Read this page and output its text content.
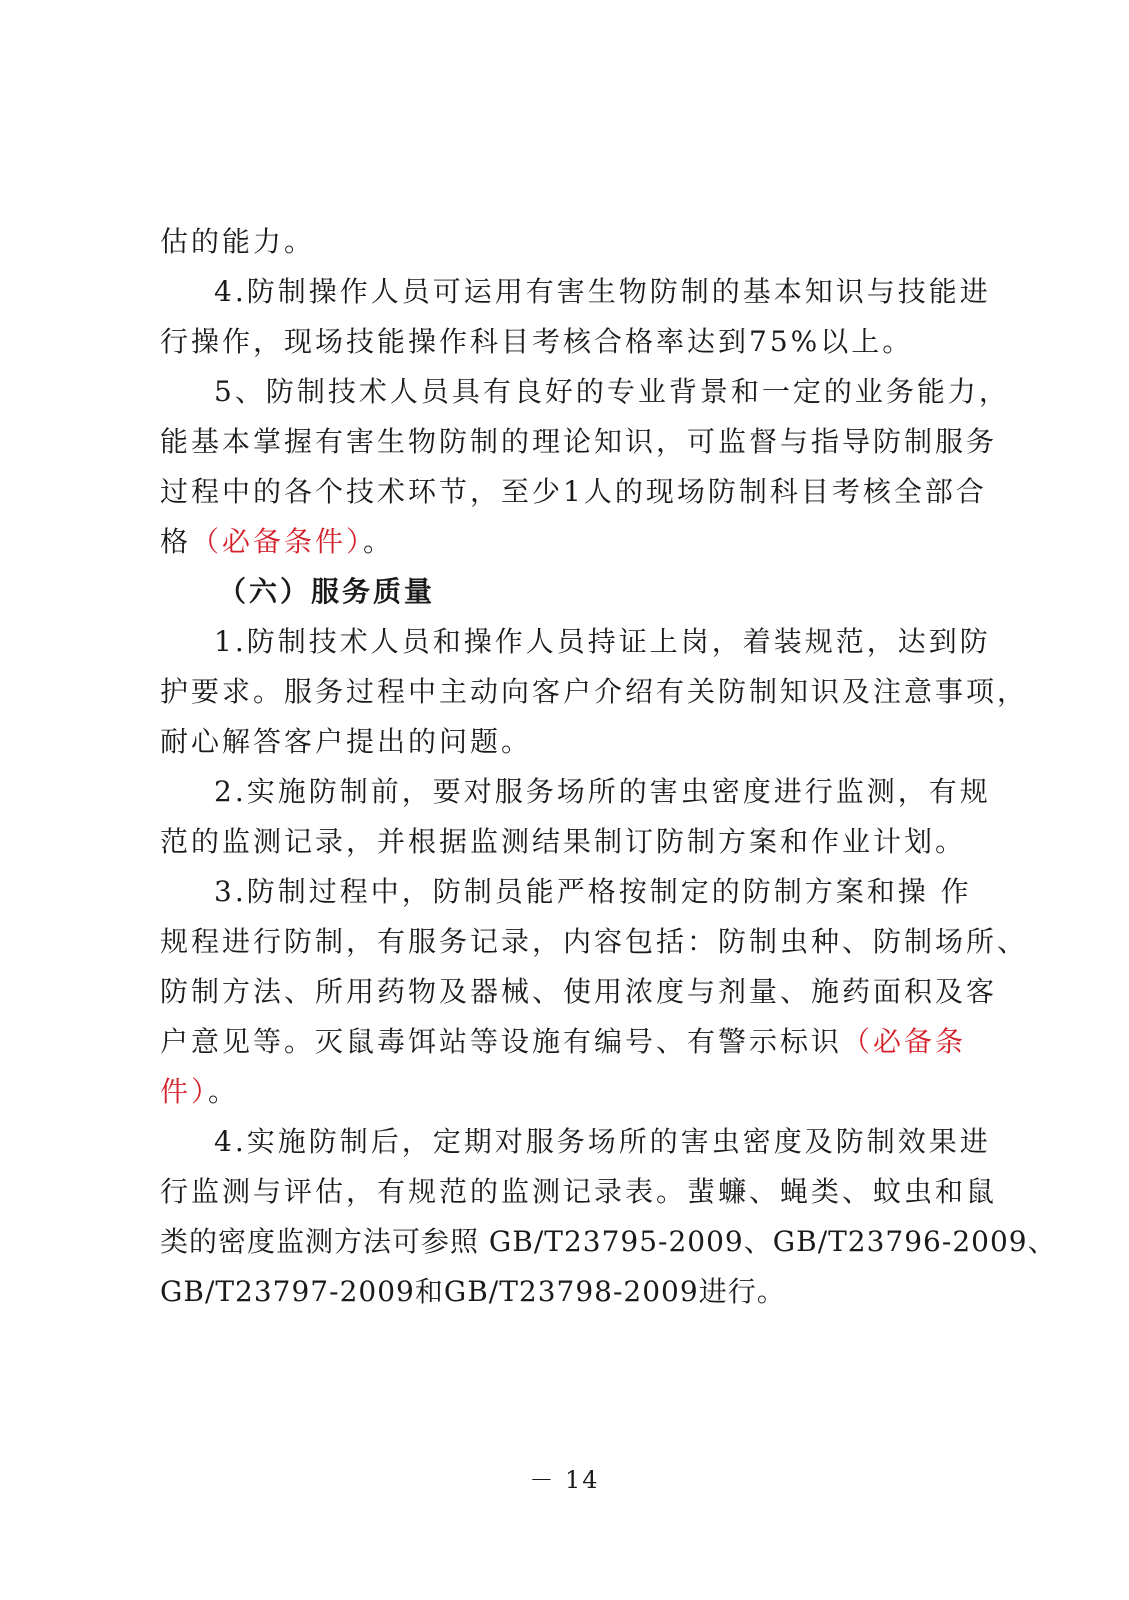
估的能力。
4.防制操作人员可运用有害生物防制的基本知识与技能进
行操作，现场技能操作科目考核合格率达到75%以上。
5、防制技术人员具有良好的专业背景和一定的业务能力，
能基本掌握有害生物防制的理论知识，可监督与指导防制服务
过程中的各个技术环节，至少1人的现场防制科目考核全部合
格（必备条件）。
（六）服务质量
1.防制技术人员和操作人员持证上岗，着装规范，达到防
护要求。服务过程中主动向客户介绍有关防制知识及注意事项，
耐心解答客户提出的问题。
2.实施防制前，要对服务场所的害虫密度进行监测，有规
范的监测记录，并根据监测结果制订防制方案和作业计划。
3.防制过程中，防制员能严格按制定的防制方案和操 作
规程进行防制，有服务记录，内容包括：防制虫种、防制场所、
防制方法、所用药物及器械、使用浓度与剂量、施药面积及客
户意见等。灭鼠毒饵站等设施有编号、有警示标识（必备条
件）。
4.实施防制后，定期对服务场所的害虫密度及防制效果进
行监测与评估，有规范的监测记录表。蜚蠊、蝇类、蚊虫和鼠
类的密度监测方法可参照 GB/T23795-2009、GB/T23796-2009、
GB/T23797-2009和GB/T23798-2009进行。
－ 14
